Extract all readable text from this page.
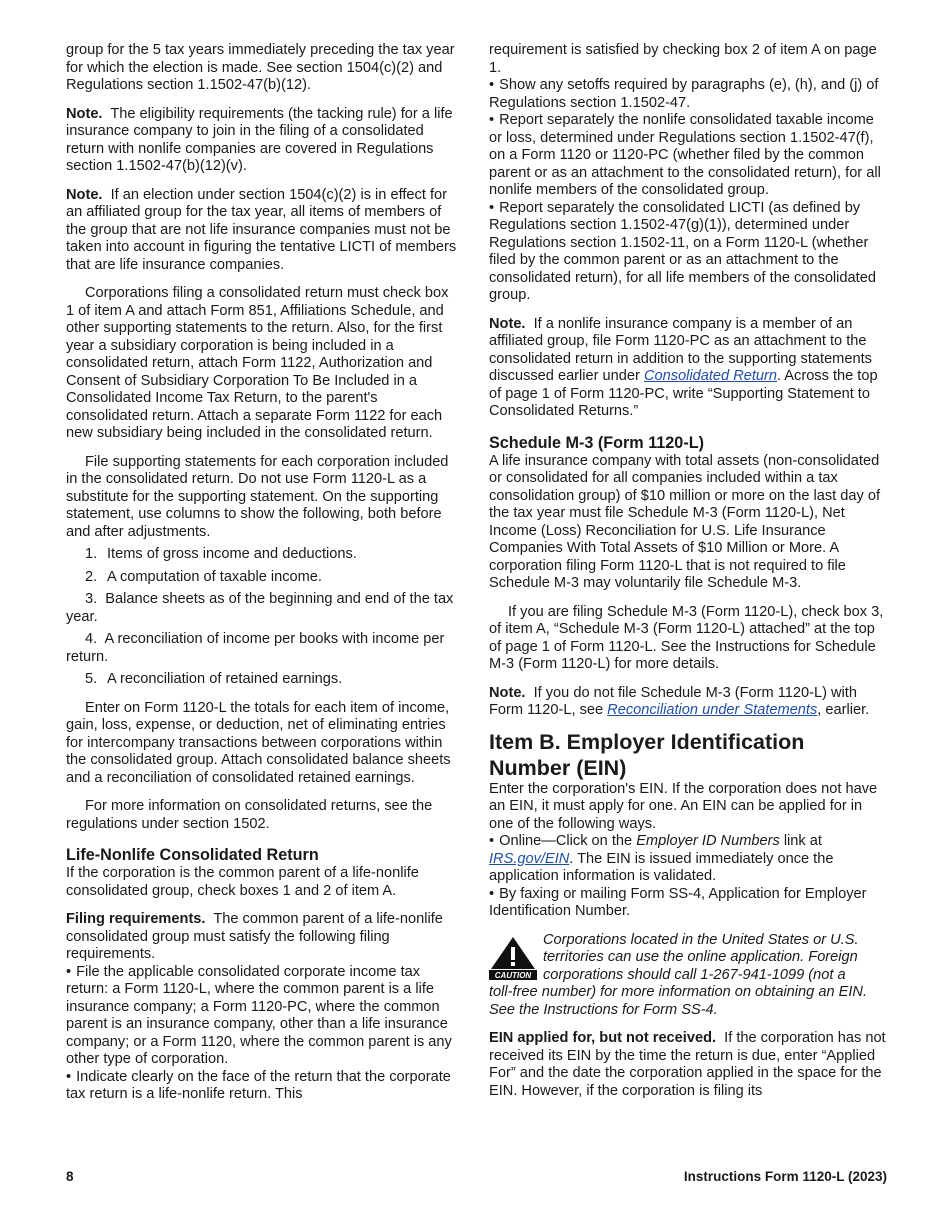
group for the 5 tax years immediately preceding the tax year for which the election is made. See section 1504(c)(2) and Regulations section 1.1502-47(b)(12).

Note. The eligibility requirements (the tacking rule) for a life insurance company to join in the filing of a consolidated return with nonlife companies are covered in Regulations section 1.1502-47(b)(12)(v).

Note. If an election under section 1504(c)(2) is in effect for an affiliated group for the tax year, all items of members of the group that are not life insurance companies must not be taken into account in figuring the tentative LICTI of members that are life insurance companies.

Corporations filing a consolidated return must check box 1 of item A and attach Form 851, Affiliations Schedule, and other supporting statements to the return. Also, for the first year a subsidiary corporation is being included in a consolidated return, attach Form 1122, Authorization and Consent of Subsidiary Corporation To Be Included in a Consolidated Income Tax Return, to the parent's consolidated return. Attach a separate Form 1122 for each new subsidiary being included in the consolidated return.

File supporting statements for each corporation included in the consolidated return. Do not use Form 1120-L as a substitute for the supporting statement. On the supporting statement, use columns to show the following, both before and after adjustments.

1. Items of gross income and deductions.

2. A computation of taxable income.

3. Balance sheets as of the beginning and end of the tax year.

4. A reconciliation of income per books with income per return.

5. A reconciliation of retained earnings.

Enter on Form 1120-L the totals for each item of income, gain, loss, expense, or deduction, net of eliminating entries for intercompany transactions between corporations within the consolidated group. Attach consolidated balance sheets and a reconciliation of consolidated retained earnings.

For more information on consolidated returns, see the regulations under section 1502.

Life-Nonlife Consolidated Return

If the corporation is the common parent of a life-nonlife consolidated group, check boxes 1 and 2 of item A.

Filing requirements. The common parent of a life-nonlife consolidated group must satisfy the following filing requirements.

• File the applicable consolidated corporate income tax return: a Form 1120-L, where the common parent is a life insurance company; a Form 1120-PC, where the common parent is an insurance company, other than a life insurance company; or a Form 1120, where the common parent is any other type of corporation.

• Indicate clearly on the face of the return that the corporate tax return is a life-nonlife return. This

requirement is satisfied by checking box 2 of item A on page 1.

• Show any setoffs required by paragraphs (e), (h), and (j) of Regulations section 1.1502-47.

• Report separately the nonlife consolidated taxable income or loss, determined under Regulations section 1.1502-47(f), on a Form 1120 or 1120-PC (whether filed by the common parent or as an attachment to the consolidated return), for all nonlife members of the consolidated group.

• Report separately the consolidated LICTI (as defined by Regulations section 1.1502-47(g)(1)), determined under Regulations section 1.1502-11, on a Form 1120-L (whether filed by the common parent or as an attachment to the consolidated return), for all life members of the consolidated group.

Note. If a nonlife insurance company is a member of an affiliated group, file Form 1120-PC as an attachment to the consolidated return in addition to the supporting statements discussed earlier under Consolidated Return. Across the top of page 1 of Form 1120-PC, write “Supporting Statement to Consolidated Returns.”

Schedule M-3 (Form 1120-L)

A life insurance company with total assets (non-consolidated or consolidated for all companies included within a tax consolidation group) of $10 million or more on the last day of the tax year must file Schedule M-3 (Form 1120-L), Net Income (Loss) Reconciliation for U.S. Life Insurance Companies With Total Assets of $10 Million or More. A corporation filing Form 1120-L that is not required to file Schedule M-3 may voluntarily file Schedule M-3.

If you are filing Schedule M-3 (Form 1120-L), check box 3, of item A, “Schedule M-3 (Form 1120-L) attached” at the top of page 1 of Form 1120-L. See the Instructions for Schedule M-3 (Form 1120-L) for more details.

Note. If you do not file Schedule M-3 (Form 1120-L) with Form 1120-L, see Reconciliation under Statements, earlier.

Item B. Employer Identification Number (EIN)

Enter the corporation's EIN. If the corporation does not have an EIN, it must apply for one. An EIN can be applied for in one of the following ways.

• Online—Click on the Employer ID Numbers link at
IRS.gov/EIN. The EIN is issued immediately once the application information is validated.

• By faxing or mailing Form SS-4, Application for Employer Identification Number.

CAUTION
Corporations located in the United States or U.S. territories can use the online application. Foreign corporations should call 1-267-941-1099 (not a
toll-free number) for more information on obtaining an EIN. See the Instructions for Form SS-4.

EIN applied for, but not received. If the corporation has not received its EIN by the time the return is due, enter “Applied For” and the date the corporation applied in the space for the EIN. However, if the corporation is filing its

8	Instructions Form 1120-L (2023)
